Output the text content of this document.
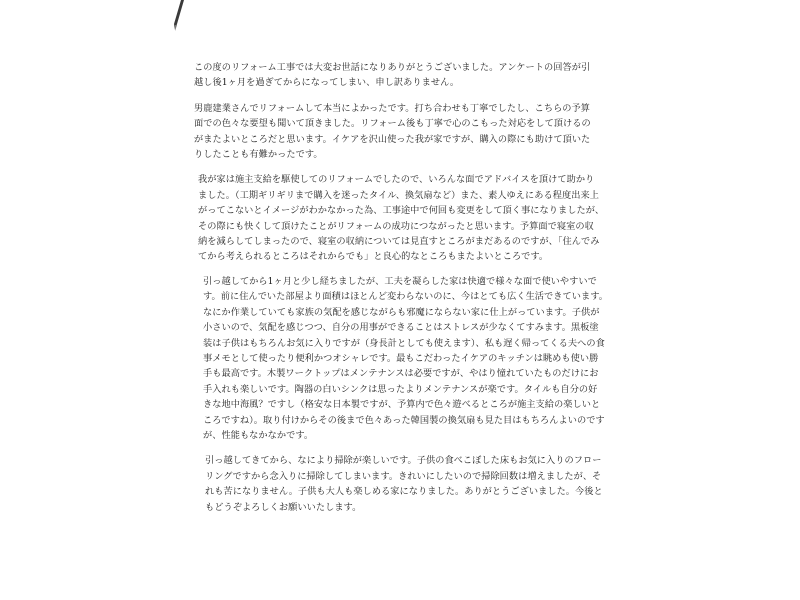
この度のリフォーム工事では大変お世話になりありがとうございました。アンケートの回答が引
越し後1ヶ月を過ぎてからになってしまい、申し訳ありません。

男鹿建業さんでリフォームして本当によかったです。打ち合わせも丁寧でしたし、こちらの予算
面での色々な要望も聞いて頂きました。リフォーム後も丁寧で心のこもった対応をして頂けるの
がまたよいところだと思います。イケアを沢山使った我が家ですが、購入の際にも助けて頂いた
りしたことも有難かったです。

我が家は施主支給を駆使してのリフォームでしたので、いろんな面でアドバイスを頂けて助かり
ました。（工期ギリギリまで購入を迷ったタイル、換気扇など）また、素人ゆえにある程度出来上
がってこないとイメージがわかなかった為、工事途中で何回も変更をして頂く事になりましたが、
その際にも快くして頂けたことがリフォームの成功につながったと思います。予算面で寝室の収
納を減らしてしまったので、寝室の収納については見直すところがまだあるのですが、「住んでみ
てから考えられるところはそれからでも」と良心的なところもまたよいところです。

引っ越してから1ヶ月と少し経ちましたが、工夫を凝らした家は快適で様々な面で使いやすいで
す。前に住んでいた部屋より面積はほとんど変わらないのに、今はとても広く生活できています。
なにか作業していても家族の気配を感じながらも邪魔にならない家に仕上がっています。子供が
小さいので、気配を感じつつ、自分の用事ができることはストレスが少なくてすみます。黒板塗
装は子供はもちろんお気に入りですが（身長計としても使えます）、私も遅く帰ってくる夫への食
事メモとして使ったり便利かつオシャレです。最もこだわったイケアのキッチンは眺めも使い勝
手も最高です。木製ワークトップはメンテナンスは必要ですが、やはり憧れていたものだけにお
手入れも楽しいです。陶器の白いシンクは思ったよりメンテナンスが楽です。タイルも自分の好
きな地中海風？ですし（格安な日本製ですが、予算内で色々遊べるところが施主支給の楽しいと
ころですね）。取り付けからその後まで色々あった韓国製の換気扇も見た目はもちろんよいのです
が、性能もなかなかです。

引っ越してきてから、なにより掃除が楽しいです。子供の食べこぼした床もお気に入りのフロー
リングですから念入りに掃除してしまいます。きれいにしたいので掃除回数は増えましたが、そ
れも苦になりません。子供も大人も楽しめる家になりました。ありがとうございました。今後と
もどうぞよろしくお願いいたします。
